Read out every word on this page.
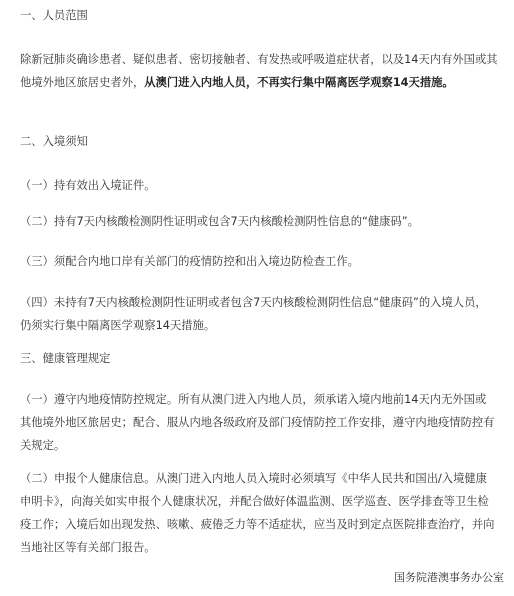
一、人员范围

除新冠肺炎确诊患者、疑似患者、密切接触者、有发热或呼吸道症状者，以及14天内有外国或其他境外地区旅居史者外，从澳门进入内地人员，不再实行集中隔离医学观察14天措施。

二、入境须知

（一）持有效出入境证件。

（二）持有7天内核酸检测阴性证明或包含7天内核酸检测阴性信息的“健康码”。

（三）须配合内地口岸有关部门的疫情防控和出入境边防检查工作。

（四）未持有7天内核酸检测阴性证明或者包含7天内核酸检测阴性信息“健康码”的入境人员，仍须实行集中隔离医学观察14天措施。

三、健康管理规定

（一）遵守内地疫情防控规定。所有从澳门进入内地人员，须承诺入境内地前14天内无外国或其他境外地区旅居史；配合、服从内地各级政府及部门疫情防控工作安排，遵守内地疫情防控有关规定。

（二）申报个人健康信息。从澳门进入内地人员入境时必须填写《中华人民共和国出/入境健康申明卡》，向海关如实申报个人健康状况，并配合做好体温监测、医学巡查、医学排查等卫生检疫工作；入境后如出现发热、咳嗽、疲倦乏力等不适症状，应当及时到定点医院排查治疗，并向当地社区等有关部门报告。

国务院港澳事务办公室
